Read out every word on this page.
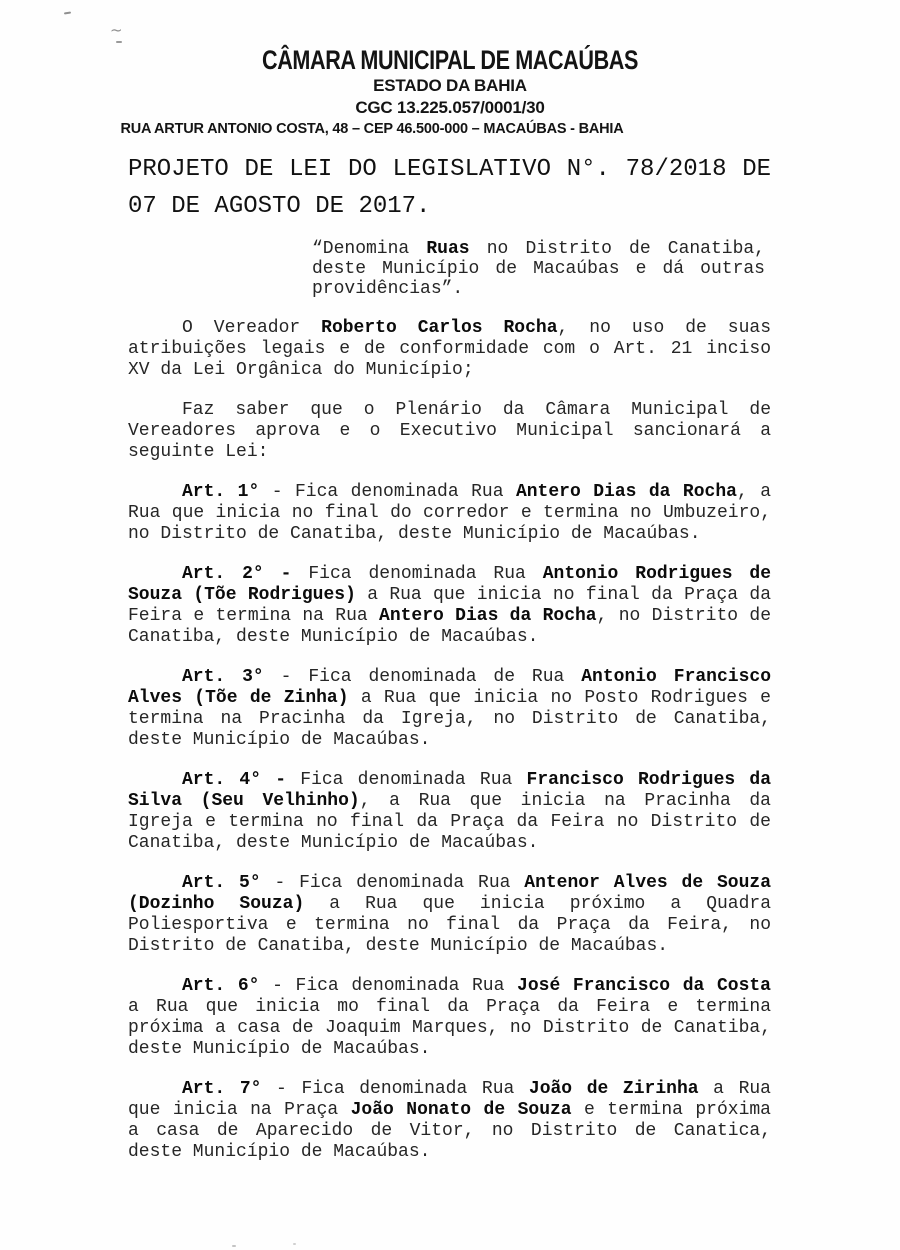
~
CÂMARA MUNICIPAL DE MACAÚBAS
ESTADO DA BAHIA
CGC 13.225.057/0001/30
RUA ARTUR ANTONIO COSTA, 48 – CEP 46.500-000 – MACAÚBAS - BAHIA
PROJETO DE LEI DO LEGISLATIVO N°. 78/2018 DE
07 DE AGOSTO DE 2017.
“Denomina Ruas no Distrito de Canatiba,
deste Município de Macaúbas e dá outras
providências”.

O Vereador Roberto Carlos Rocha, no uso de suas
atribuições legais e de conformidade com o Art. 21 inciso
XV da Lei Orgânica do Município;

Faz saber que o Plenário da Câmara Municipal de
Vereadores aprova e o Executivo Municipal sancionará a
seguinte Lei:

Art. 1° - Fica denominada Rua Antero Dias da Rocha, a
Rua que inicia no final do corredor e termina no Umbuzeiro,
no Distrito de Canatiba, deste Município de Macaúbas.

Art. 2° - Fica denominada Rua Antonio Rodrigues de
Souza (Tõe Rodrigues) a Rua que inicia no final da Praça da
Feira e termina na Rua Antero Dias da Rocha, no Distrito de
Canatiba, deste Município de Macaúbas.

Art. 3° - Fica denominada de Rua Antonio Francisco
Alves (Tõe de Zinha) a Rua que inicia no Posto Rodrigues e
termina na Pracinha da Igreja, no Distrito de Canatiba,
deste Município de Macaúbas.

Art. 4° - Fica denominada Rua Francisco Rodrigues da
Silva (Seu Velhinho), a Rua que inicia na Pracinha da
Igreja e termina no final da Praça da Feira no Distrito de
Canatiba, deste Município de Macaúbas.

Art. 5° - Fica denominada Rua Antenor Alves de Souza
(Dozinho Souza) a Rua que inicia próximo a Quadra
Poliesportiva e termina no final da Praça da Feira, no
Distrito de Canatiba, deste Município de Macaúbas.

Art. 6° - Fica denominada Rua José Francisco da Costa
a Rua que inicia mo final da Praça da Feira e termina
próxima a casa de Joaquim Marques, no Distrito de Canatiba,
deste Município de Macaúbas.

Art. 7° - Fica denominada Rua João de Zirinha a Rua
que inicia na Praça João Nonato de Souza e termina próxima
a casa de Aparecido de Vitor, no Distrito de Canatica,
deste Município de Macaúbas.
